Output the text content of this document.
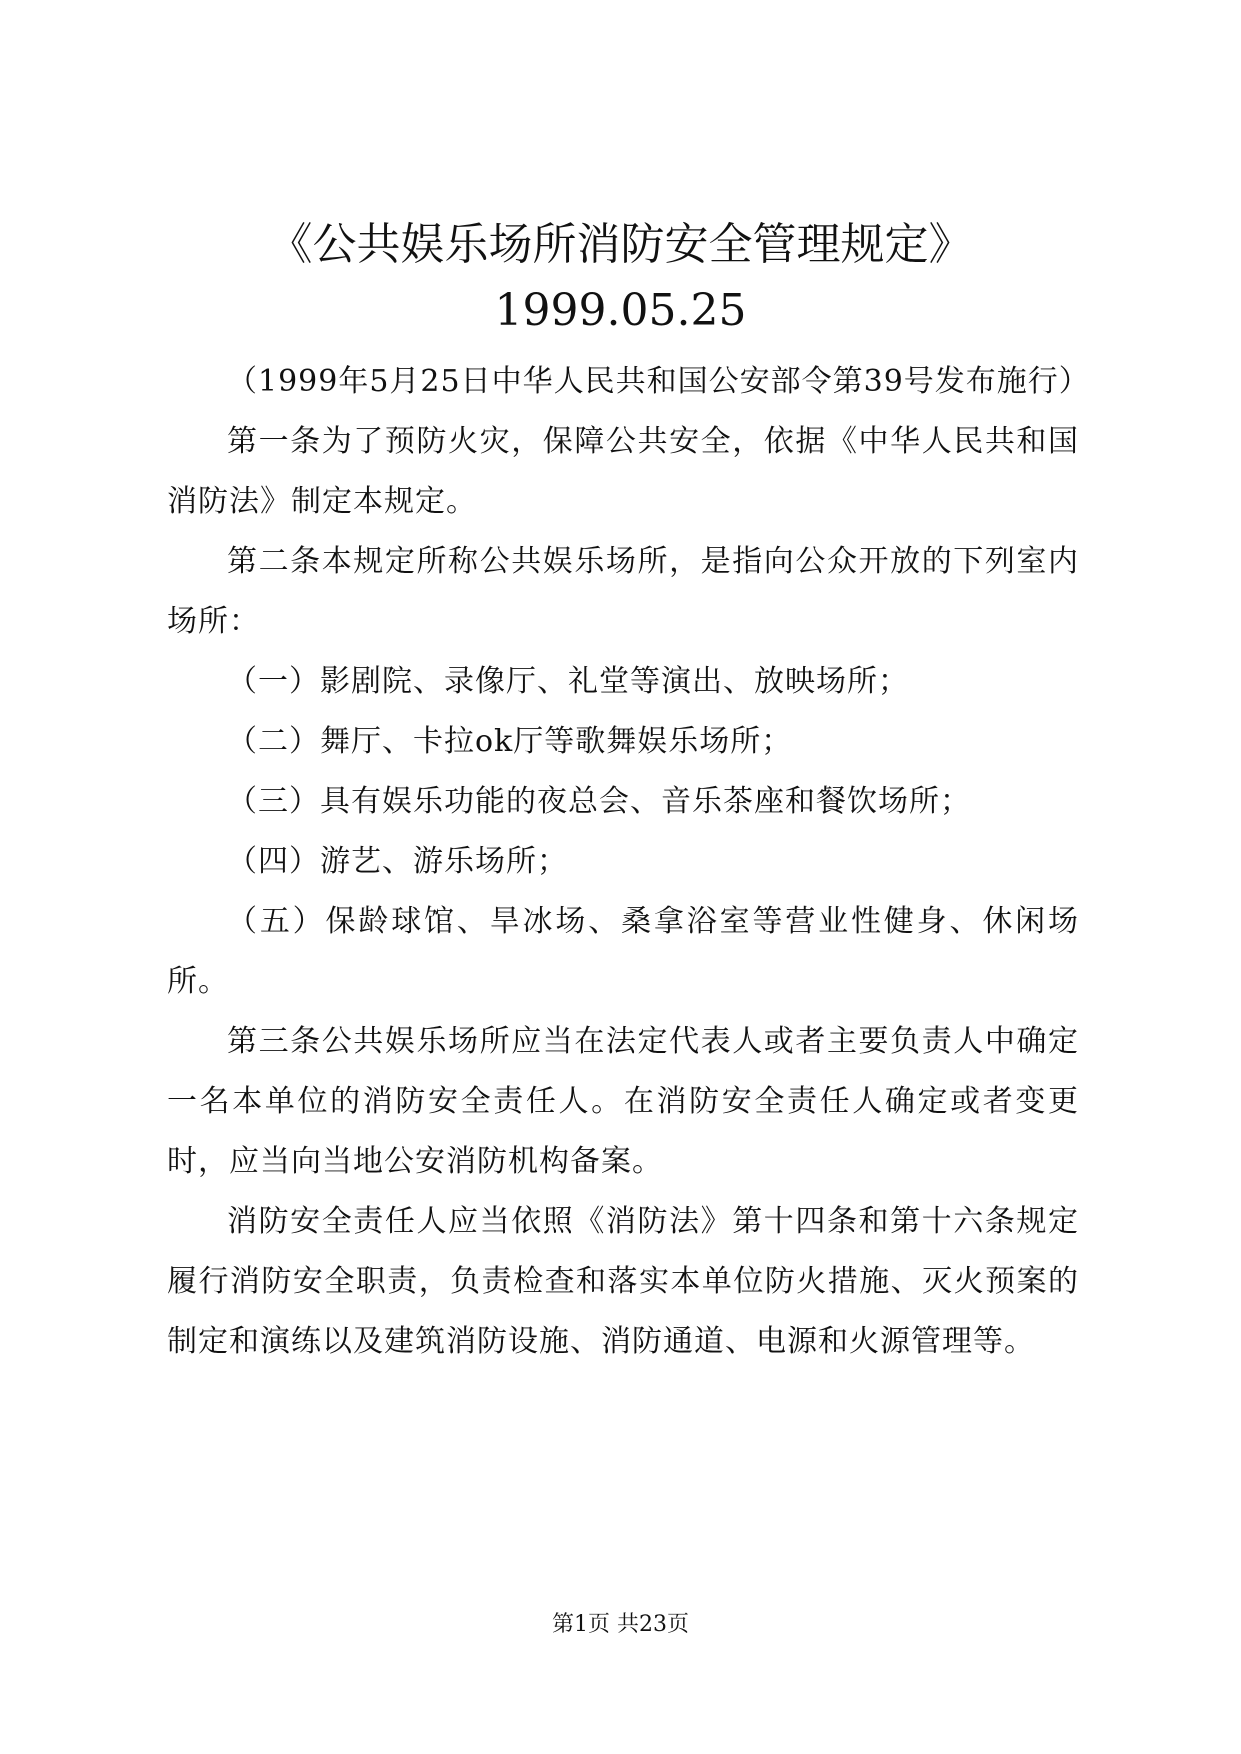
《公共娱乐场所消防安全管理规定》
1999.05.25

（1999年5月25日中华人民共和国公安部令第39号发布施行）

第一条为了预防火灾，保障公共安全，依据《中华人民共和国消防法》制定本规定。

第二条本规定所称公共娱乐场所，是指向公众开放的下列室内场所：

（一）影剧院、录像厅、礼堂等演出、放映场所；

（二）舞厅、卡拉ok厅等歌舞娱乐场所；

（三）具有娱乐功能的夜总会、音乐茶座和餐饮场所；

（四）游艺、游乐场所；

（五）保龄球馆、旱冰场、桑拿浴室等营业性健身、休闲场所。

第三条公共娱乐场所应当在法定代表人或者主要负责人中确定一名本单位的消防安全责任人。在消防安全责任人确定或者变更时，应当向当地公安消防机构备案。

消防安全责任人应当依照《消防法》第十四条和第十六条规定履行消防安全职责，负责检查和落实本单位防火措施、灭火预案的制定和演练以及建筑消防设施、消防通道、电源和火源管理等。

第1页 共23页
